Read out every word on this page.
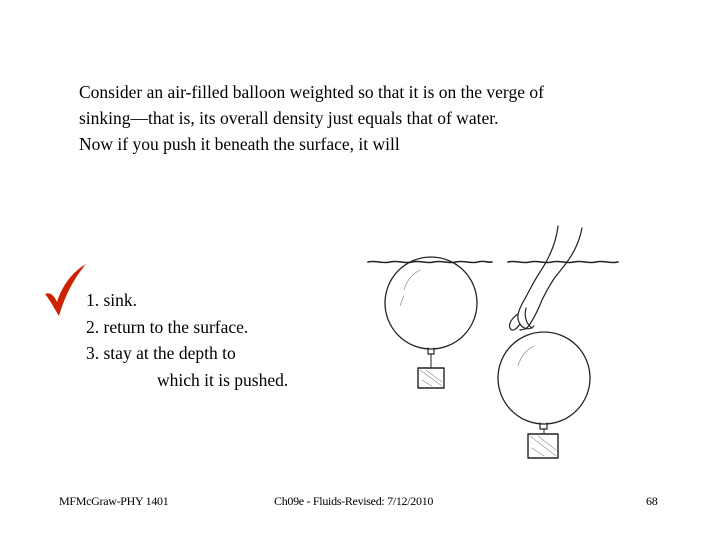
Consider an air-filled balloon weighted so that it is on the verge of
sinking—that is, its overall density just equals that of water.
Now if you push it beneath the surface, it will

1. sink.
2. return to the surface.
3. stay at the depth to
which it is pushed.
MFMcGraw-PHY 1401	Ch09e - Fluids-Revised: 7/12/2010	68
